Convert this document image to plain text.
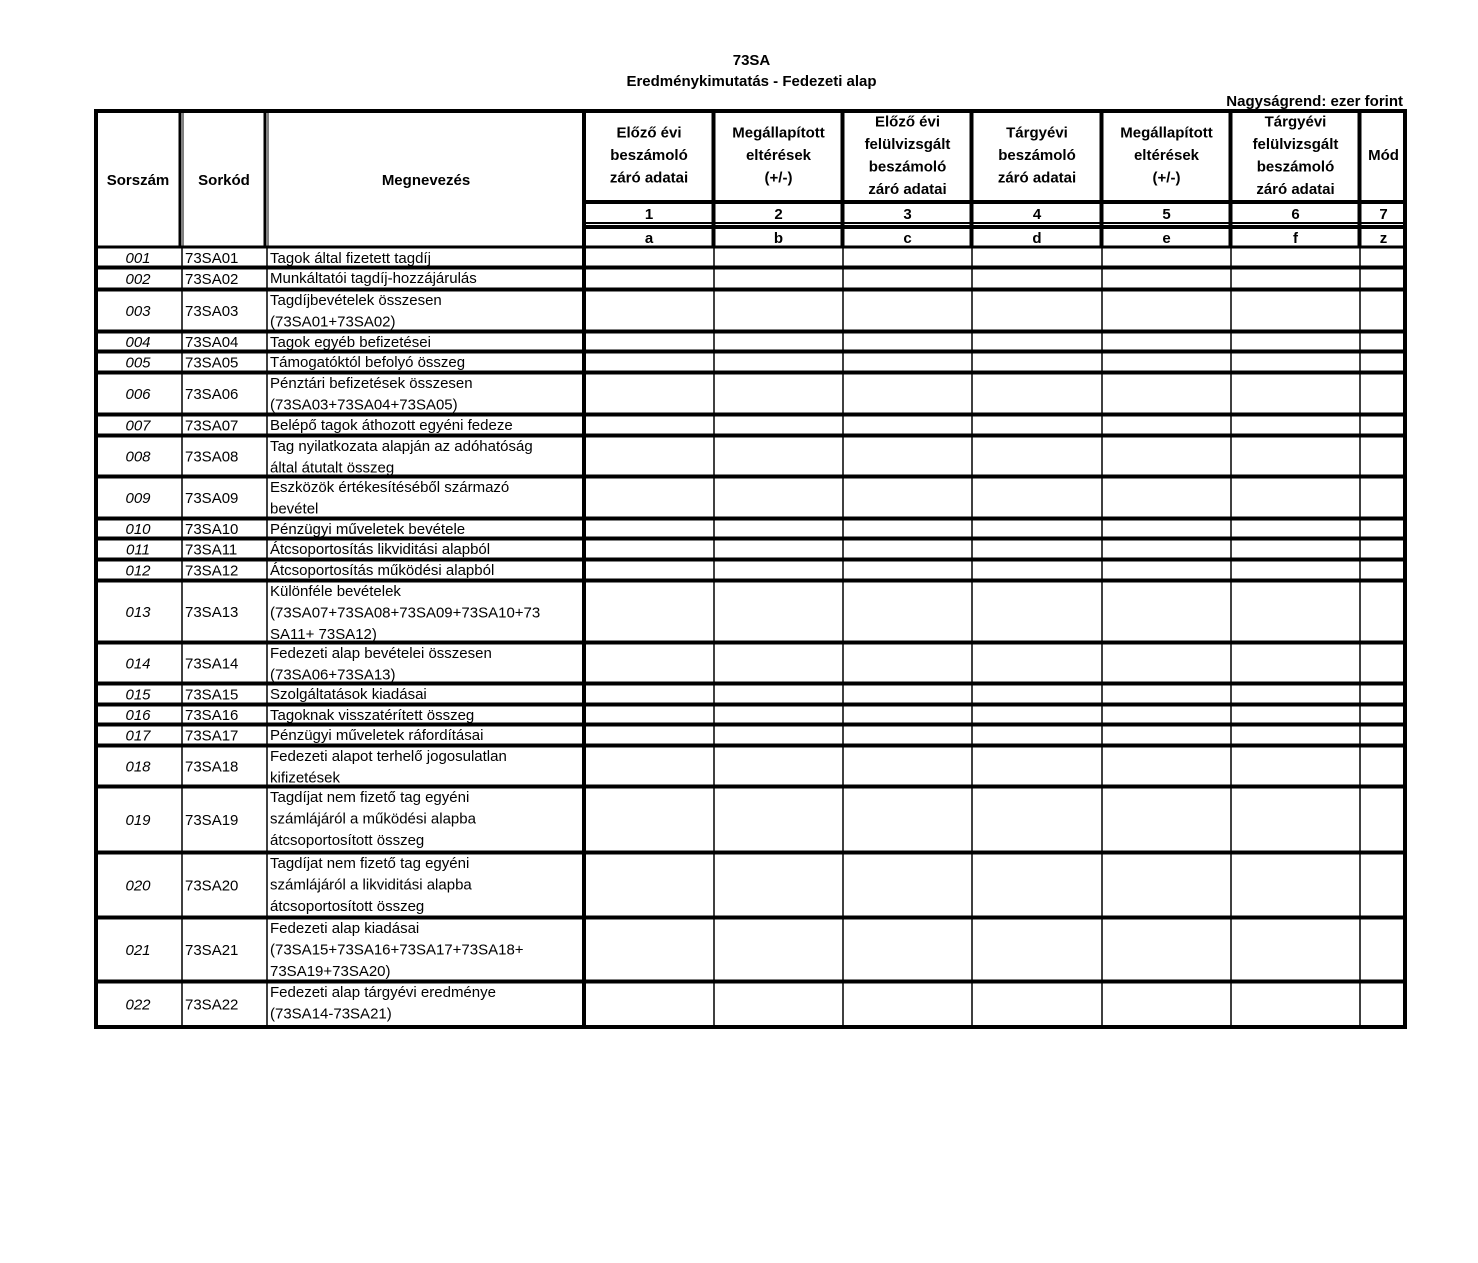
73SA
Eredménykimutatás - Fedezeti alap
Nagyságrend: ezer forint
Sorszám Sorkód	Megnevezés
Előző évi
beszámoló
záró adatai
1
a
Megállapított
eltérések
(+/-)
2
b
Előző évi
felülvizsgált
beszámoló
záró adatai
3
c
Tárgyévi
beszámoló
záró adatai
4
d
Megállapított
eltérések
(+/-)
5
e
Tárgyévi
felülvizsgált
beszámoló
záró adatai
6
f
Mód
7
z
001 73SA01 Tagok által fizetett tagdíj
002 73SA02 Munkáltatói tagdíj-hozzájárulás
003 73SA03
Tagdíjbevételek összesen
(73SA01+73SA02)
004 73SA04 Tagok egyéb befizetései
005 73SA05 Támogatóktól befolyó összeg
006 73SA06
Pénztári befizetések összesen
(73SA03+73SA04+73SA05)
007 73SA07 Belépő tagok áthozott egyéni fedeze
008 73SA08
Tag nyilatkozata alapján az adóhatóság
által átutalt összeg
009 73SA09
Eszközök értékesítéséből származó
bevétel
010 73SA10 Pénzügyi műveletek bevétele
011 73SA11 Átcsoportosítás likviditási alapból
012 73SA12 Átcsoportosítás működési alapból
013 73SA13
Különféle bevételek
(73SA07+73SA08+73SA09+73SA10+73
SA11+ 73SA12)
014 73SA14
Fedezeti alap bevételei összesen
(73SA06+73SA13)
015 73SA15 Szolgáltatások kiadásai
016 73SA16 Tagoknak visszatérített összeg
017 73SA17 Pénzügyi műveletek ráfordításai
018 73SA18
Fedezeti alapot terhelő jogosulatlan
kifizetések
019 73SA19
Tagdíjat nem fizető tag egyéni
számlájáról a működési alapba
átcsoportosított összeg
020 73SA20
Tagdíjat nem fizető tag egyéni
számlájáról a likviditási alapba
átcsoportosított összeg
021 73SA21
Fedezeti alap kiadásai
(73SA15+73SA16+73SA17+73SA18+
73SA19+73SA20)
022 73SA22
Fedezeti alap tárgyévi eredménye
(73SA14-73SA21)
